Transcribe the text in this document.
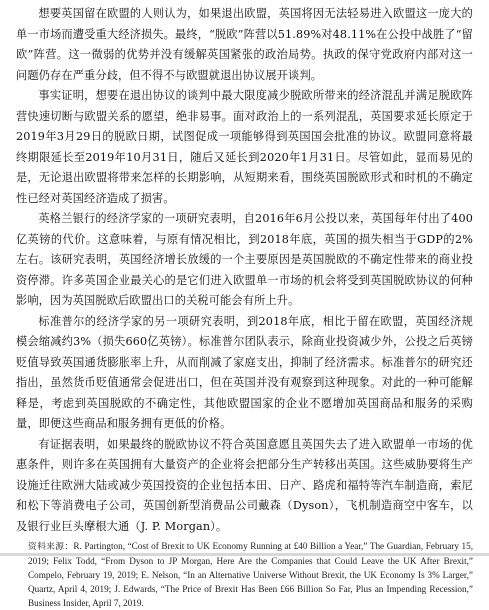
想要英国留在欧盟的人则认为，如果退出欧盟，英国将因无法轻易进入欧盟这一庞大的单一市场而遭受重大经济损失。最终，“脱欧”阵营以51.89%对48.11%在公投中战胜了“留欧”阵营。这一微弱的优势并没有缓解英国紧张的政治局势。执政的保守党政府内部对这一问题仍存在严重分歧，但不得不与欧盟就退出协议展开谈判。

事实证明，想要在退出协议的谈判中最大限度减少脱欧所带来的经济混乱并满足脱欧阵营快速切断与欧盟关系的愿望，绝非易事。面对政治上的一系列混乱，英国要求延长原定于2019年3月29日的脱欧日期，试图促成一项能够得到英国国会批准的协议。欧盟同意将最终期限延长至2019年10月31日，随后又延长到2020年1月31日。尽管如此，显而易见的是，无论退出欧盟将带来怎样的长期影响，从短期来看，围绕英国脱欧形式和时机的不确定性已经对英国经济造成了损害。

英格兰银行的经济学家的一项研究表明，自2016年6月公投以来，英国每年付出了400亿英镑的代价。这意味着，与原有情况相比，到2018年底，英国的损失相当于GDP的2%左右。该研究表明，英国经济增长放缓的一个主要原因是英国脱欧的不确定性带来的商业投资停滞。许多英国企业最关心的是它们进入欧盟单一市场的机会将受到英国脱欧协议的何种影响，因为英国脱欧后欧盟出口的关税可能会有所上升。

标准普尔的经济学家的另一项研究表明，到2018年底，相比于留在欧盟，英国经济规模会缩减约3%（损失660亿英镑）。标准普尔团队表示，除商业投资减少外，公投之后英镑贬值导致英国通货膨胀率上升，从而削减了家庭支出，抑制了经济需求。标准普尔的研究还指出，虽然货币贬值通常会促进出口，但在英国并没有观察到这种现象。对此的一种可能解释是，考虑到英国脱欧的不确定性，其他欧盟国家的企业不愿增加英国商品和服务的采购量，即便这些商品和服务拥有更低的价格。

有证据表明，如果最终的脱欧协议不符合英国意愿且英国失去了进入欧盟单一市场的优惠条件，则许多在英国拥有大量资产的企业将会把部分生产转移出英国。这些威胁要将生产设施迁往欧洲大陆或减少英国投资的企业包括本田、日产、路虎和福特等汽车制造商，索尼和松下等消费电子公司，英国创新型消费品公司戴森（Dyson），飞机制造商空中客车，以及银行业巨头摩根大通（J. P. Morgan）。

资料来源：R. Partington, “Cost of Brexit to UK Economy Running at £40 Billion a Year,” The Guardian, February 15, 2019; Felix Todd, “From Dyson to JP Morgan, Here Are the Companies that Could Leave the UK After Brexit,” Compelo, February 19, 2019; E. Nelson, “In an Alternative Universe Without Brexit, the UK Economy Is 3% Larger,” Quartz, April 4, 2019; J. Edwards, “The Price of Brexit Has Been £66 Billion So Far, Plus an Impending Recession,” Business Insider, April 7, 2019.
